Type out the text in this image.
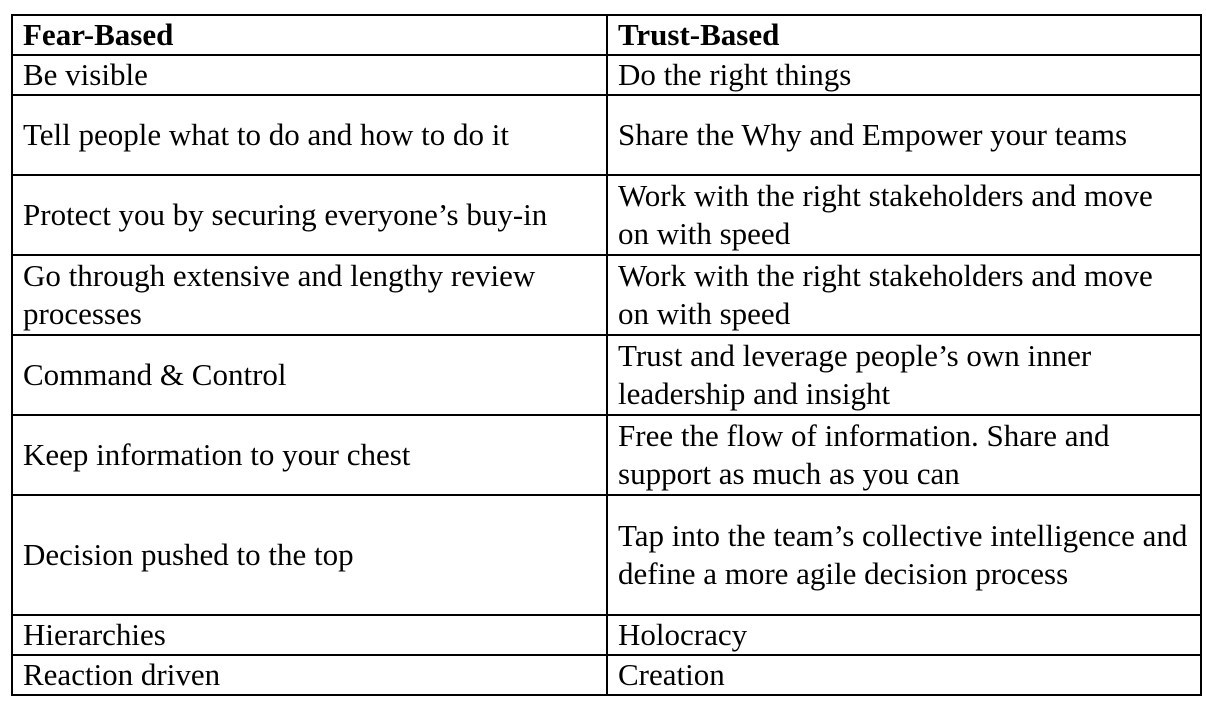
Fear-Based	Trust-Based
Be visible	Do the right things
Tell people what to do and how to do it	Share the Why and Empower your teams
Protect you by securing everyone’s buy-in	Work with the right stakeholders and move on with speed
Go through extensive and lengthy review processes	Work with the right stakeholders and move on with speed
Command & Control	Trust and leverage people’s own inner leadership and insight
Keep information to your chest	Free the flow of information. Share and support as much as you can
Decision pushed to the top	Tap into the team’s collective intelligence and define a more agile decision process
Hierarchies	Holocracy
Reaction driven	Creation
